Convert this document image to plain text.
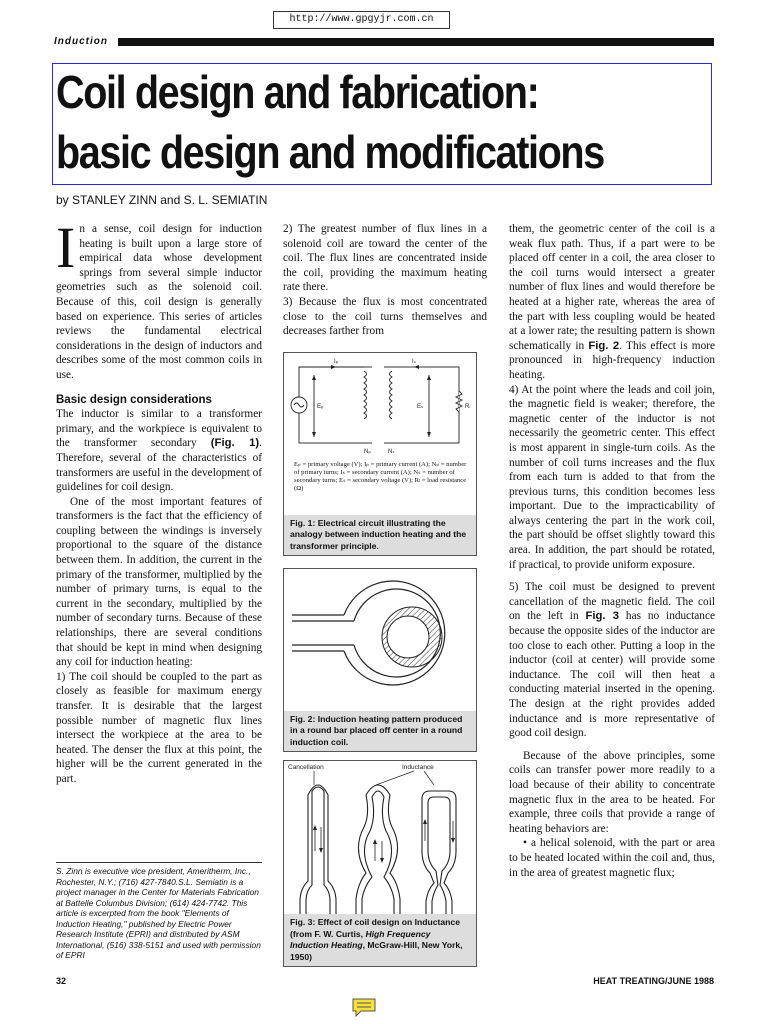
http://www.gpgyjr.com.cn
Induction
Coil design and fabrication:
basic design and modifications
by STANLEY ZINN and S. L. SEMIATIN

In a sense, coil design for induction heating is built upon a large store of empirical data whose development springs from several simple inductor geometries such as the solenoid coil. Because of this, coil design is generally based on experience. This series of articles reviews the fundamental electrical considerations in the design of inductors and describes some of the most common coils in use.

Basic design considerations

The inductor is similar to a transformer primary, and the workpiece is equivalent to the transformer secondary (Fig. 1). Therefore, several of the characteristics of transformers are useful in the development of guidelines for coil design.

One of the most important features of transformers is the fact that the efficiency of coupling between the windings is inversely proportional to the square of the distance between them. In addition, the current in the primary of the transformer, multiplied by the number of primary turns, is equal to the current in the secondary, multiplied by the number of secondary turns. Because of these relationships, there are several conditions that should be kept in mind when designing any coil for induction heating:

1) The coil should be coupled to the part as closely as feasible for maximum energy transfer. It is desirable that the largest possible number of magnetic flux lines intersect the workpiece at the area to be heated. The denser the flux at this point, the higher will be the current generated in the part.

S. Zinn is executive vice president, Ameritherm, Inc., Rochester, N.Y.; (716) 427-7840.S.L. Semiatin is a project manager in the Center for Materials Fabrication at Battelle Columbus Division; (614) 424-7742. This article is excerpted from the book "Elements of Induction Heating," published by Electric Power Research Institute (EPRI) and distributed by ASM International, (516) 338-5151 and used with permission of EPRI

2) The greatest number of flux lines in a solenoid coil are toward the center of the coil. The flux lines are concentrated inside the coil, providing the maximum heating rate there.

3) Because the flux is most concentrated close to the coil turns themselves and decreases farther from

Iₚ	Iₛ
Eₚ	Eₛ	Rₗ
Nₚ	Nₛ
Eₚ = primary voltage (V); Iₚ = primary current (A); Nₚ = number of primary turns; Iₛ = secondary current (A); Nₛ = number of secondary turns; Eₛ = secondary voltage (V); Rₗ = load resistance (Ω)
Fig. 1: Electrical circuit illustrating the analogy between induction heating and the transformer principle.
Fig. 2: Induction heating pattern produced in a round bar placed off center in a round induction coil.
Cancellation	Inductance
Fig. 3: Effect of coil design on Inductance (from F. W. Curtis, High Frequency Induction Heating, McGraw-Hill, New York, 1950)

them, the geometric center of the coil is a weak flux path. Thus, if a part were to be placed off center in a coil, the area closer to the coil turns would intersect a greater number of flux lines and would therefore be heated at a higher rate, whereas the area of the part with less coupling would be heated at a lower rate; the resulting pattern is shown schematically in Fig. 2. This effect is more pronounced in high-frequency induction heating.

4) At the point where the leads and coil join, the magnetic field is weaker; therefore, the magnetic center of the inductor is not necessarily the geometric center. This effect is most apparent in single-turn coils. As the number of coil turns increases and the flux from each turn is added to that from the previous turns, this condition becomes less important. Due to the impracticability of always centering the part in the work coil, the part should be offset slightly toward this area. In addition, the part should be rotated, if practical, to provide uniform exposure.

5) The coil must be designed to prevent cancellation of the magnetic field. The coil on the left in Fig. 3 has no inductance because the opposite sides of the inductor are too close to each other. Putting a loop in the inductor (coil at center) will provide some inductance. The coil will then heat a conducting material inserted in the opening. The design at the right provides added inductance and is more representative of good coil design.

Because of the above principles, some coils can transfer power more readily to a load because of their ability to concentrate magnetic flux in the area to be heated. For example, three coils that provide a range of heating behaviors are:

• a helical solenoid, with the part or area to be heated located within the coil and, thus, in the area of greatest magnetic flux;

32	HEAT TREATING/JUNE 1988
